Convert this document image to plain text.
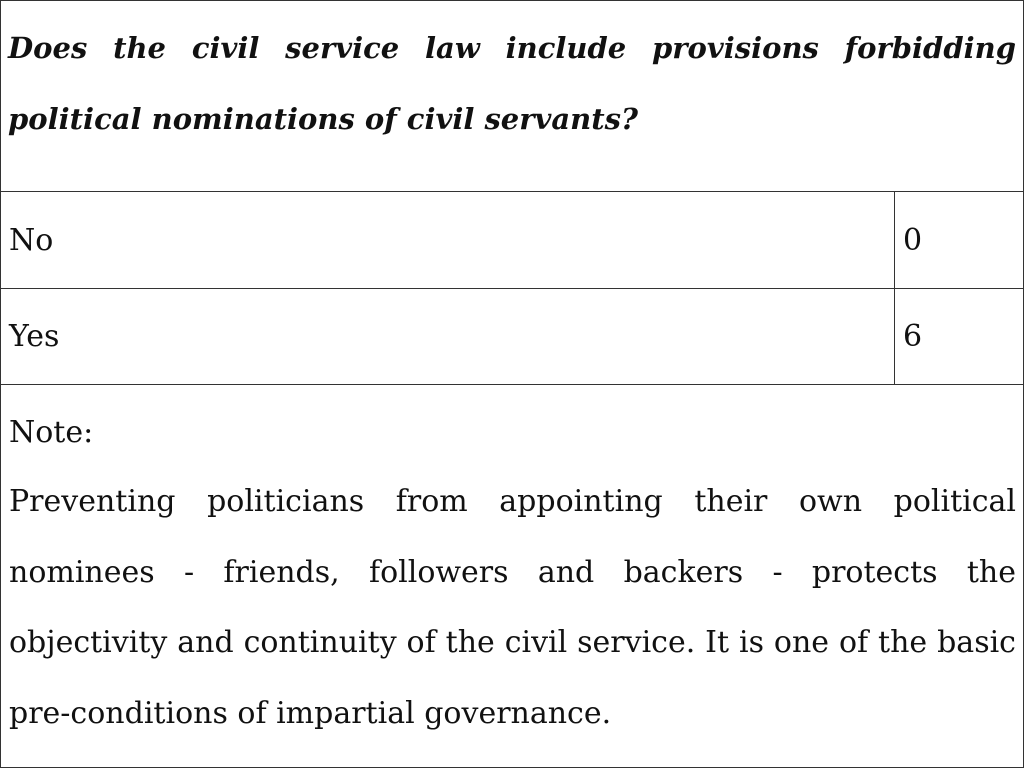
Does the civil service law include provisions forbidding political nominations of civil servants?

No	0
Yes	6

Note:

Preventing politicians from appointing their own political nominees - friends, followers and backers - protects the objectivity and continuity of the civil service. It is one of the basic pre-conditions of impartial governance.
